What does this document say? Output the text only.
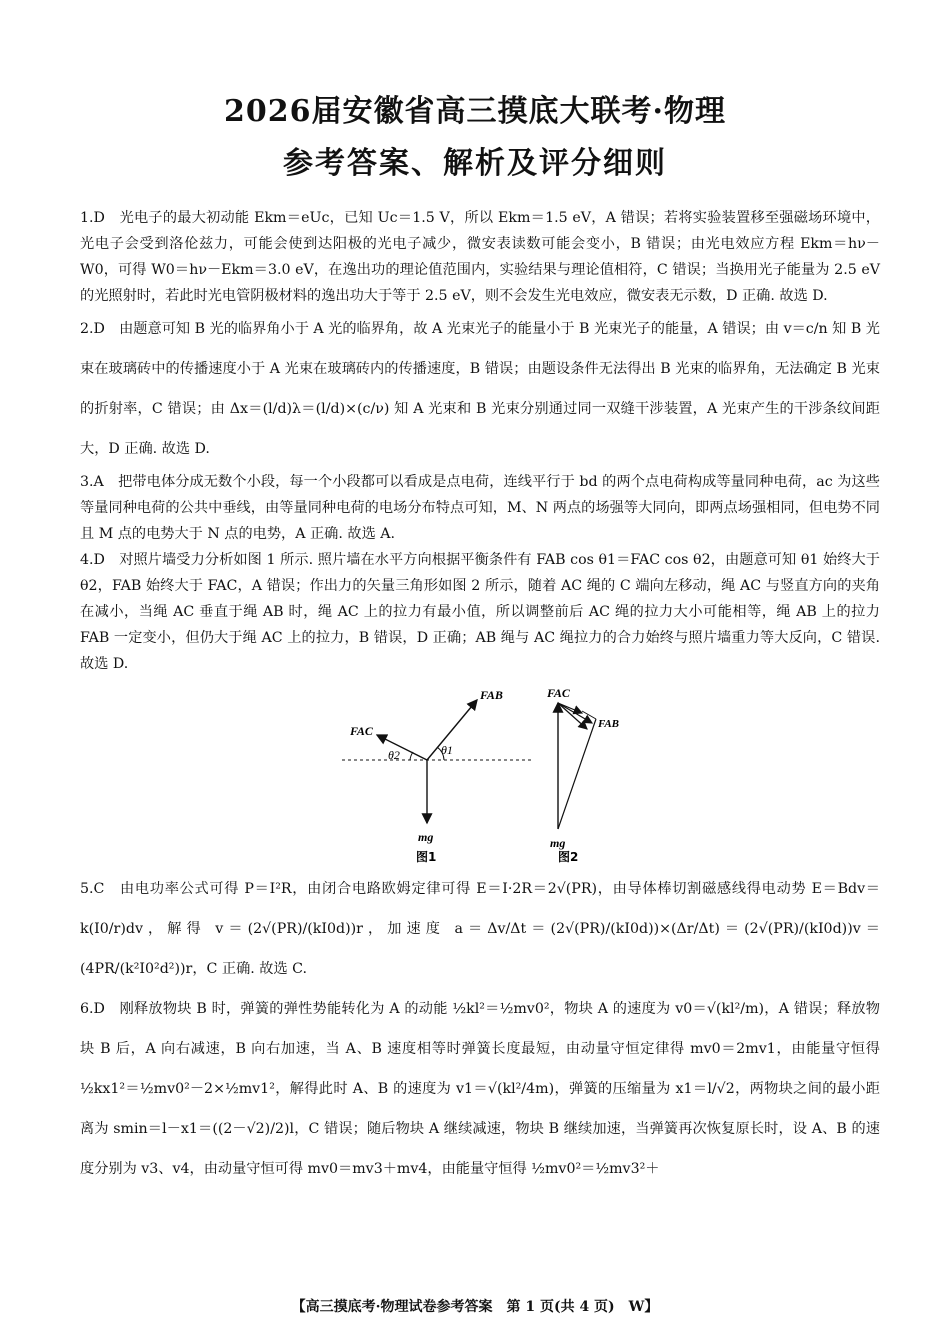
2026届安徽省高三摸底大联考·物理
参考答案、解析及评分细则

1.D　光电子的最大初动能 Ekm＝eUc，已知 Uc＝1.5 V，所以 Ekm＝1.5 eV，A 错误；若将实验装置移至强磁场环境中，光电子会受到洛伦兹力，可能会使到达阳极的光电子减少，微安表读数可能会变小，B 错误；由光电效应方程 Ekm＝hν－W0，可得 W0＝hν－Ekm＝3.0 eV，在逸出功的理论值范围内，实验结果与理论值相符，C 错误；当换用光子能量为 2.5 eV 的光照射时，若此时光电管阴极材料的逸出功大于等于 2.5 eV，则不会发生光电效应，微安表无示数，D 正确. 故选 D.

2.D　由题意可知 B 光的临界角小于 A 光的临界角，故 A 光束光子的能量小于 B 光束光子的能量，A 错误；由 v＝c/n 知 B 光束在玻璃砖中的传播速度小于 A 光束在玻璃砖内的传播速度，B 错误；由题设条件无法得出 B 光束的临界角，无法确定 B 光束的折射率，C 错误；由 Δx＝(l/d)λ＝(l/d)×(c/ν) 知 A 光束和 B 光束分别通过同一双缝干涉装置，A 光束产生的干涉条纹间距大，D 正确. 故选 D.

3.A　把带电体分成无数个小段，每一个小段都可以看成是点电荷，连线平行于 bd 的两个点电荷构成等量同种电荷，ac 为这些等量同种电荷的公共中垂线，由等量同种电荷的电场分布特点可知，M、N 两点的场强等大同向，即两点场强相同，但电势不同且 M 点的电势大于 N 点的电势，A 正确. 故选 A.

4.D　对照片墙受力分析如图 1 所示. 照片墙在水平方向根据平衡条件有 FAB cos θ1＝FAC cos θ2，由题意可知 θ1 始终大于 θ2，FAB 始终大于 FAC，A 错误；作出力的矢量三角形如图 2 所示，随着 AC 绳的 C 端向左移动，绳 AC 与竖直方向的夹角在减小，当绳 AC 垂直于绳 AB 时，绳 AC 上的拉力有最小值，所以调整前后 AC 绳的拉力大小可能相等，绳 AB 上的拉力 FAB 一定变小，但仍大于绳 AC 上的拉力，B 错误，D 正确；AB 绳与 AC 绳拉力的合力始终与照片墙重力等大反向，C 错误. 故选 D.

FAC
FAB
θ2	θ1
mg
图1
FAC
FAB
mg
图2

5.C　由电功率公式可得 P＝I²R，由闭合电路欧姆定律可得 E＝I·2R＝2√(PR)，由导体棒切割磁感线得电动势 E＝Bdv＝k(I0/r)dv，解得 v＝(2√(PR)/(kI0d))r，加速度 a＝Δv/Δt＝(2√(PR)/(kI0d))×(Δr/Δt)＝(2√(PR)/(kI0d))v＝(4PR/(k²I0²d²))r，C 正确. 故选 C.

6.D　刚释放物块 B 时，弹簧的弹性势能转化为 A 的动能 ½kl²＝½mv0²，物块 A 的速度为 v0＝√(kl²/m)，A 错误；释放物块 B 后，A 向右减速，B 向右加速，当 A、B 速度相等时弹簧长度最短，由动量守恒定律得 mv0＝2mv1，由能量守恒得 ½kx1²＝½mv0²－2×½mv1²，解得此时 A、B 的速度为 v1＝√(kl²/4m)，弹簧的压缩量为 x1＝l/√2，两物块之间的最小距离为 smin＝l－x1＝((2－√2)/2)l，C 错误；随后物块 A 继续减速，物块 B 继续加速，当弹簧再次恢复原长时，设 A、B 的速度分别为 v3、v4，由动量守恒可得 mv0＝mv3＋mv4，由能量守恒得 ½mv0²＝½mv3²＋

【高三摸底考·物理试卷参考答案　第 1 页(共 4 页)　W】
